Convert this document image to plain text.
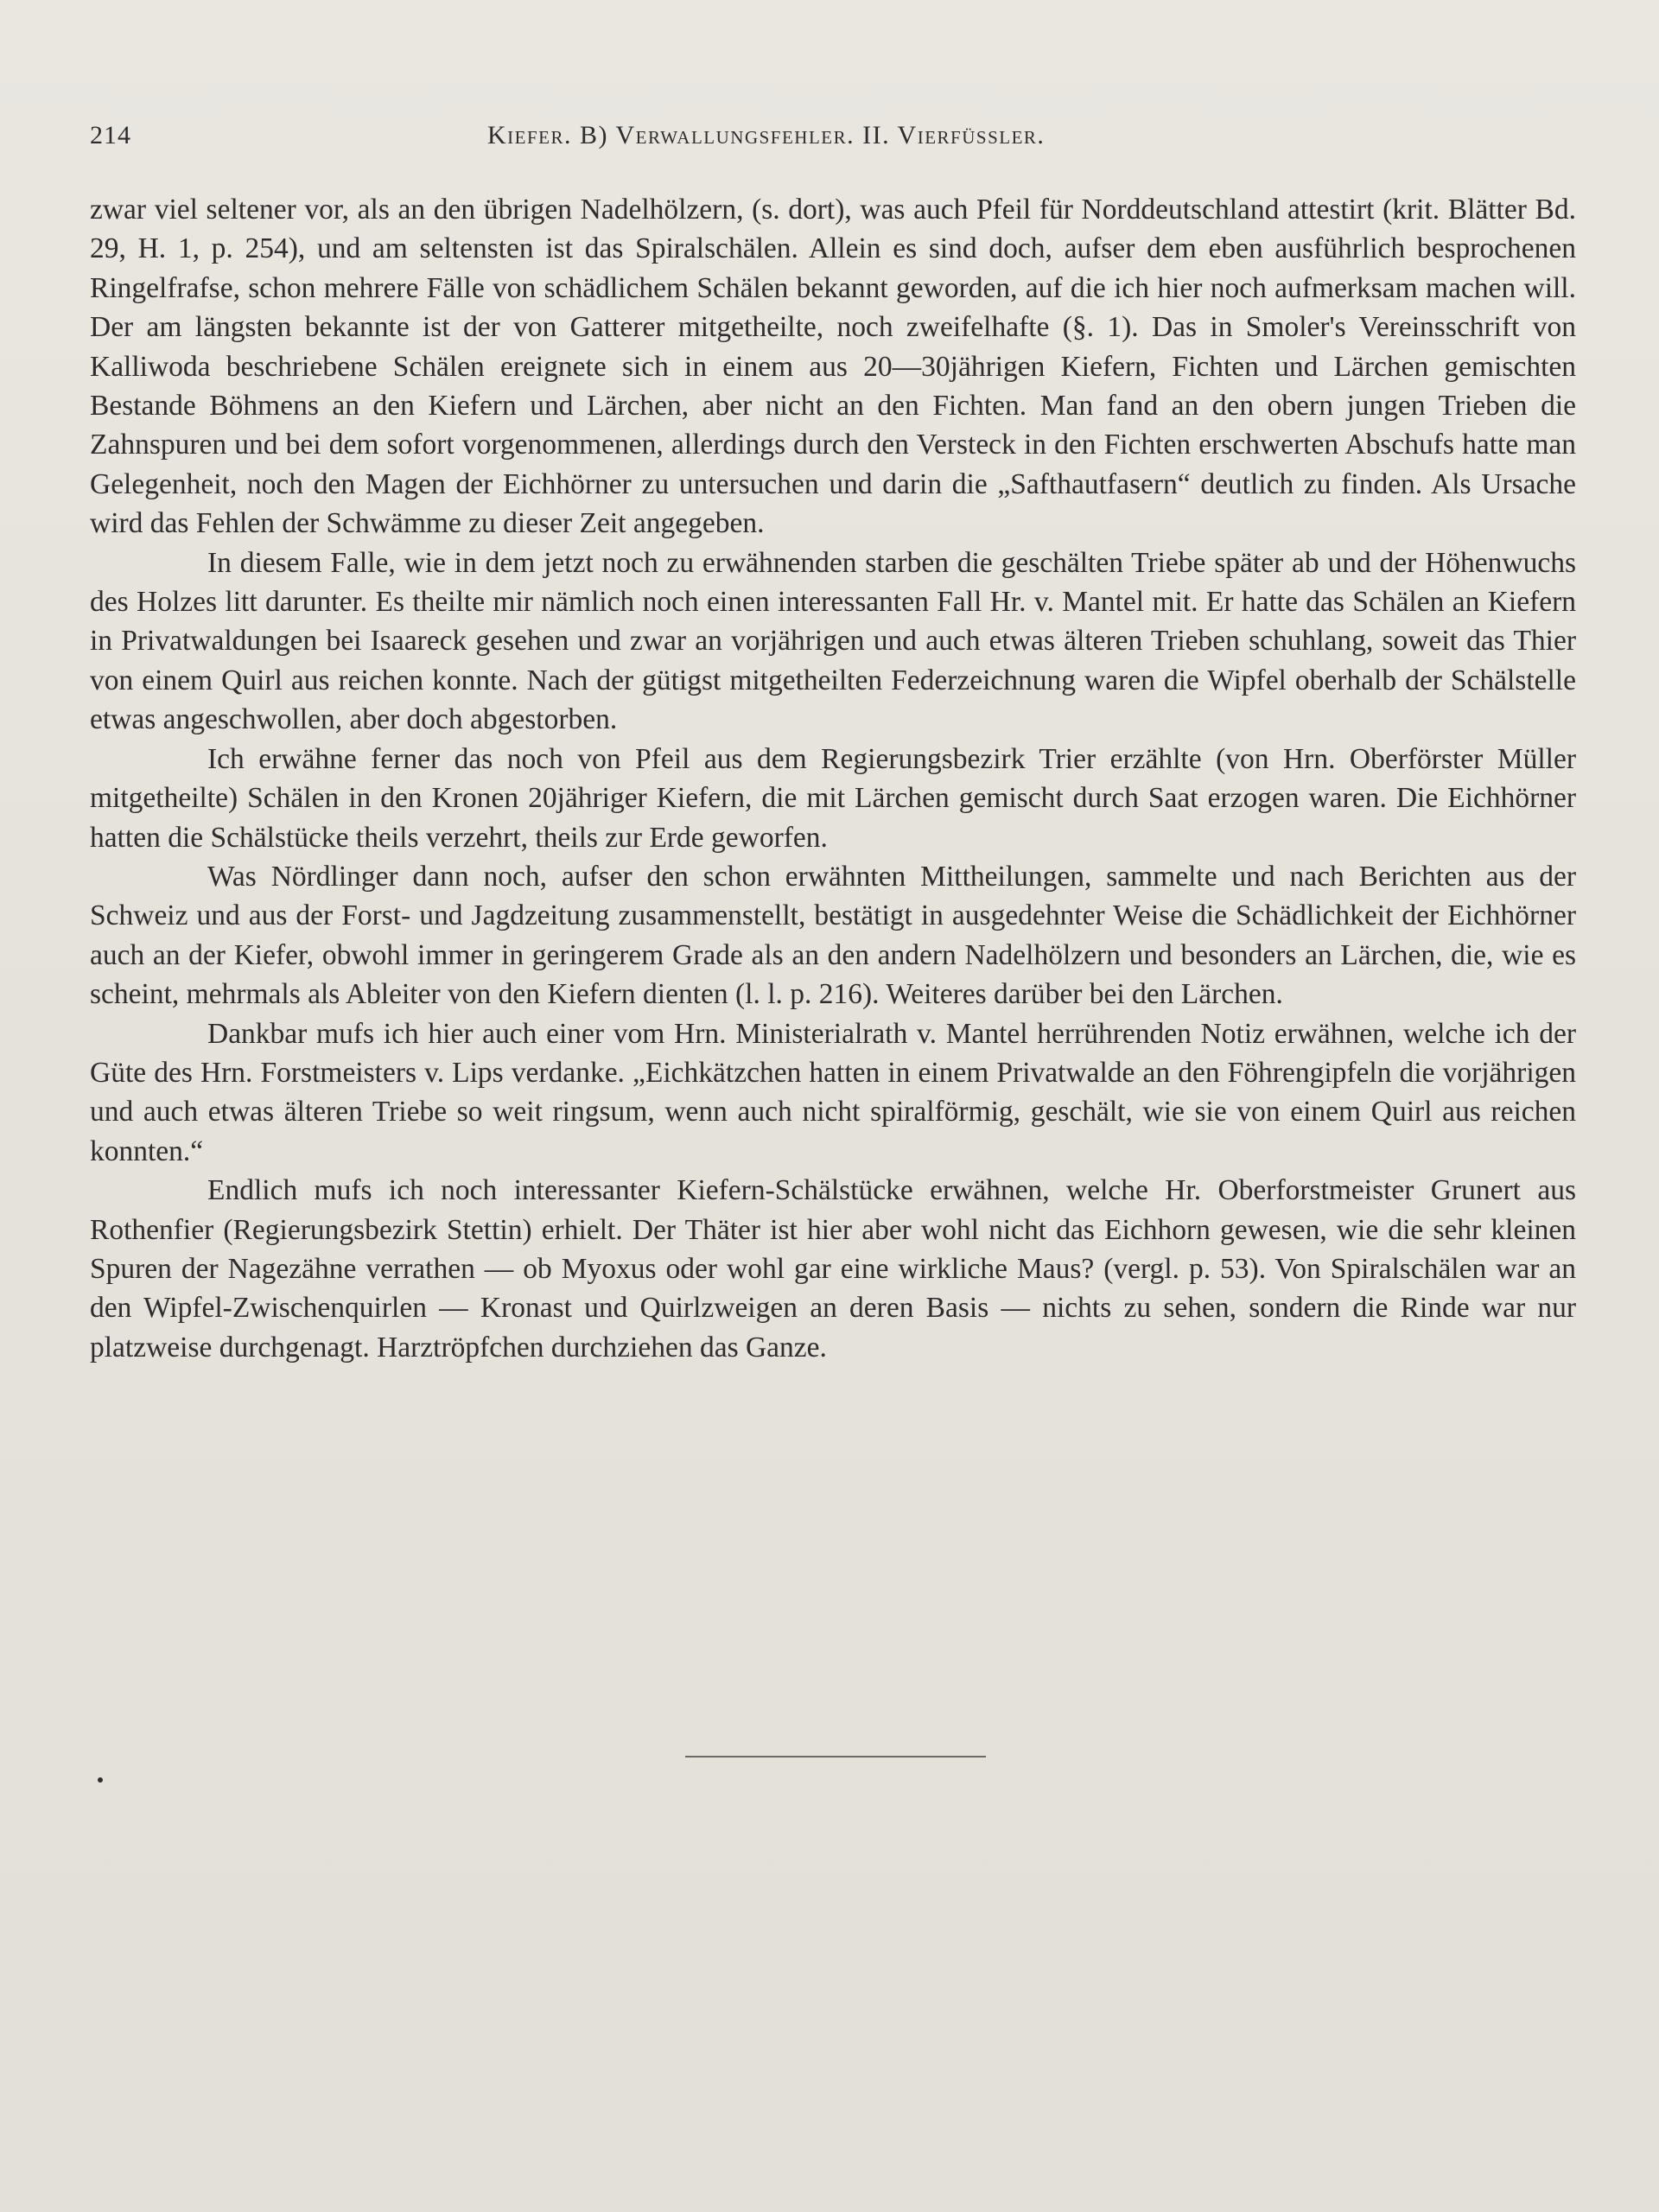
214	Kiefer. B) Verwallungsfehler. II. Vierfüssler.

zwar viel seltener vor, als an den übrigen Nadelhölzern, (s. dort), was auch Pfeil für Norddeutschland attestirt (krit. Blätter Bd. 29, H. 1, p. 254), und am seltensten ist das Spiralschälen. Allein es sind doch, aufser dem eben ausführlich besprochenen Ringelfrafse, schon mehrere Fälle von schädlichem Schälen bekannt geworden, auf die ich hier noch aufmerksam machen will. Der am längsten bekannte ist der von Gatterer mitgetheilte, noch zweifelhafte (§. 1). Das in Smoler's Vereinsschrift von Kalliwoda beschriebene Schälen ereignete sich in einem aus 20—30jährigen Kiefern, Fichten und Lärchen gemischten Bestande Böhmens an den Kiefern und Lärchen, aber nicht an den Fichten. Man fand an den obern jungen Trieben die Zahnspuren und bei dem sofort vorgenommenen, allerdings durch den Versteck in den Fichten erschwerten Abschufs hatte man Gelegenheit, noch den Magen der Eichhörner zu untersuchen und darin die „Safthautfasern“ deutlich zu finden. Als Ursache wird das Fehlen der Schwämme zu dieser Zeit angegeben.

In diesem Falle, wie in dem jetzt noch zu erwähnenden starben die geschälten Triebe später ab und der Höhenwuchs des Holzes litt darunter. Es theilte mir nämlich noch einen interessanten Fall Hr. v. Mantel mit. Er hatte das Schälen an Kiefern in Privatwaldungen bei Isaareck gesehen und zwar an vorjährigen und auch etwas älteren Trieben schuhlang, soweit das Thier von einem Quirl aus reichen konnte. Nach der gütigst mitgetheilten Federzeichnung waren die Wipfel oberhalb der Schälstelle etwas angeschwollen, aber doch abgestorben.

Ich erwähne ferner das noch von Pfeil aus dem Regierungsbezirk Trier erzählte (von Hrn. Oberförster Müller mitgetheilte) Schälen in den Kronen 20jähriger Kiefern, die mit Lärchen gemischt durch Saat erzogen waren. Die Eichhörner hatten die Schälstücke theils verzehrt, theils zur Erde geworfen.

Was Nördlinger dann noch, aufser den schon erwähnten Mittheilungen, sammelte und nach Berichten aus der Schweiz und aus der Forst- und Jagdzeitung zusammenstellt, bestätigt in ausgedehnter Weise die Schädlichkeit der Eichhörner auch an der Kiefer, obwohl immer in geringerem Grade als an den andern Nadelhölzern und besonders an Lärchen, die, wie es scheint, mehrmals als Ableiter von den Kiefern dienten (l. l. p. 216). Weiteres darüber bei den Lärchen.

Dankbar mufs ich hier auch einer vom Hrn. Ministerialrath v. Mantel herrührenden Notiz erwähnen, welche ich der Güte des Hrn. Forstmeisters v. Lips verdanke. „Eichkätzchen hatten in einem Privatwalde an den Föhrengipfeln die vorjährigen und auch etwas älteren Triebe so weit ringsum, wenn auch nicht spiralförmig, geschält, wie sie von einem Quirl aus reichen konnten.“

Endlich mufs ich noch interessanter Kiefern-Schälstücke erwähnen, welche Hr. Oberforstmeister Grunert aus Rothenfier (Regierungsbezirk Stettin) erhielt. Der Thäter ist hier aber wohl nicht das Eichhorn gewesen, wie die sehr kleinen Spuren der Nagezähne verrathen — ob Myoxus oder wohl gar eine wirkliche Maus? (vergl. p. 53). Von Spiralschälen war an den Wipfel-Zwischenquirlen — Kronast und Quirlzweigen an deren Basis — nichts zu sehen, sondern die Rinde war nur platzweise durchgenagt. Harztröpfchen durchziehen das Ganze.
